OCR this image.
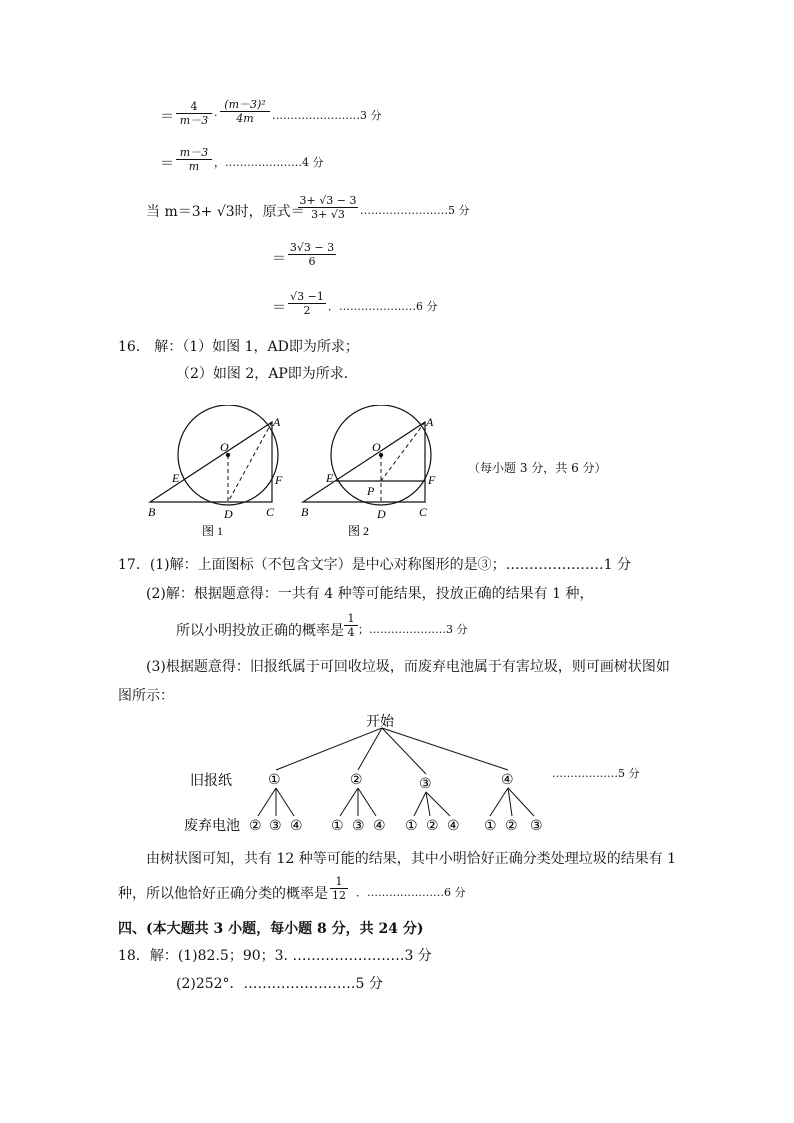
＝ $\frac{4}{m-3} \cdot \frac{\text{(m－3)²}}{4m}$ ……………………3 分
＝ $\frac{m-3}{m}$ ，…………………4 分
当 m＝3+ √3时，原式＝
$\frac{3+ √3 - 3}{3+ √3}$ ……………………5 分
＝ $\frac{3√3 - 3}{6}$
＝ $\frac{√3 -1}{2}$ ．…………………6 分
16． 解：（1）如图 1，AD即为所求；
（2）如图 2，AP即为所求．
O
A
E	F
B	D	C
图 1
O
A
E	F
P
B	D	C
图 2
（每小题 3 分，共 6 分）
17．(1)解：上面图标（不包含文字）是中心对称图形的是③；…………………1 分
(2)解：根据题意得：一共有 4 种等可能结果，投放正确的结果有 1 种，
所以小明投放正确的概率是 $\frac{1}{4}$ ；…………………3 分
(3)根据题意得：旧报纸属于可回收垃圾，而废弃电池属于有害垃圾，则可画树状图如
图所示：
开始
旧报纸
废弃电池
①	②	③	④
② ③ ④ ① ③ ④ ① ② ④ ① ② ③
………………5 分
由树状图可知，共有 12 种等可能的结果，其中小明恰好正确分类处理垃圾的结果有 1
种，所以他恰好正确分类的概率是 $\frac{1}{12}$ ．…………………6 分
四、(本大题共 3 小题，每小题 8 分，共 24 分)
18．解：(1)82.5；90；3. ……………………3 分
(2)252°．……………………5 分
